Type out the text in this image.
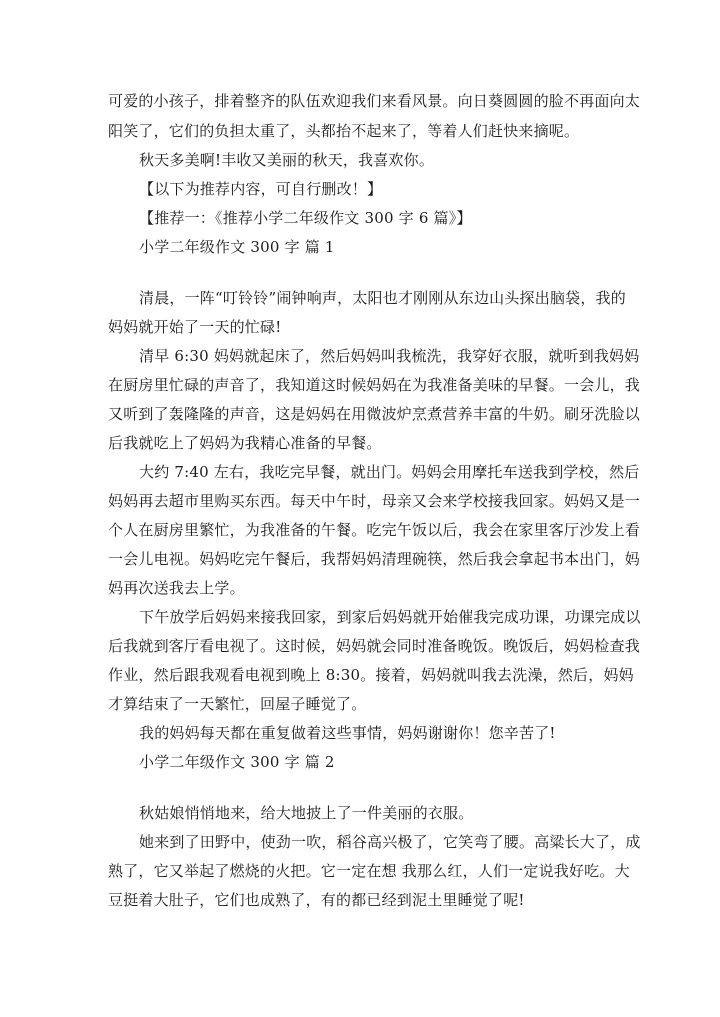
可爱的小孩子，排着整齐的队伍欢迎我们来看风景。向日葵圆圆的脸不再面向太
阳笑了，它们的负担太重了，头都抬不起来了，等着人们赶快来摘呢。
秋天多美啊!丰收又美丽的秋天，我喜欢你。
【以下为推荐内容，可自行删改！】
【推荐一：《推荐小学二年级作文 300 字 6 篇》】
小学二年级作文 300 字 篇 1
清晨，一阵“叮铃铃”闹钟响声，太阳也才刚刚从东边山头探出脑袋，我的
妈妈就开始了一天的忙碌!
清早 6:30 妈妈就起床了，然后妈妈叫我梳洗，我穿好衣服，就听到我妈妈
在厨房里忙碌的声音了，我知道这时候妈妈在为我准备美味的早餐。一会儿，我
又听到了轰隆隆的声音，这是妈妈在用微波炉烹煮营养丰富的牛奶。刷牙洗脸以
后我就吃上了妈妈为我精心准备的早餐。
大约 7:40 左右，我吃完早餐，就出门。妈妈会用摩托车送我到学校，然后
妈妈再去超市里购买东西。每天中午时，母亲又会来学校接我回家。妈妈又是一
个人在厨房里繁忙，为我准备的午餐。吃完午饭以后，我会在家里客厅沙发上看
一会儿电视。妈妈吃完午餐后，我帮妈妈清理碗筷，然后我会拿起书本出门，妈
妈再次送我去上学。
下午放学后妈妈来接我回家，到家后妈妈就开始催我完成功课，功课完成以
后我就到客厅看电视了。这时候，妈妈就会同时准备晚饭。晚饭后，妈妈检查我
作业，然后跟我观看电视到晚上 8:30。接着，妈妈就叫我去洗澡，然后，妈妈
才算结束了一天繁忙，回屋子睡觉了。
我的妈妈每天都在重复做着这些事情，妈妈谢谢你！您辛苦了!
小学二年级作文 300 字 篇 2
秋姑娘悄悄地来，给大地披上了一件美丽的衣服。
她来到了田野中，使劲一吹，稻谷高兴极了，它笑弯了腰。高粱长大了，成
熟了，它又举起了燃烧的火把。它一定在想 我那么红，人们一定说我好吃。大
豆挺着大肚子，它们也成熟了，有的都已经到泥土里睡觉了呢!
